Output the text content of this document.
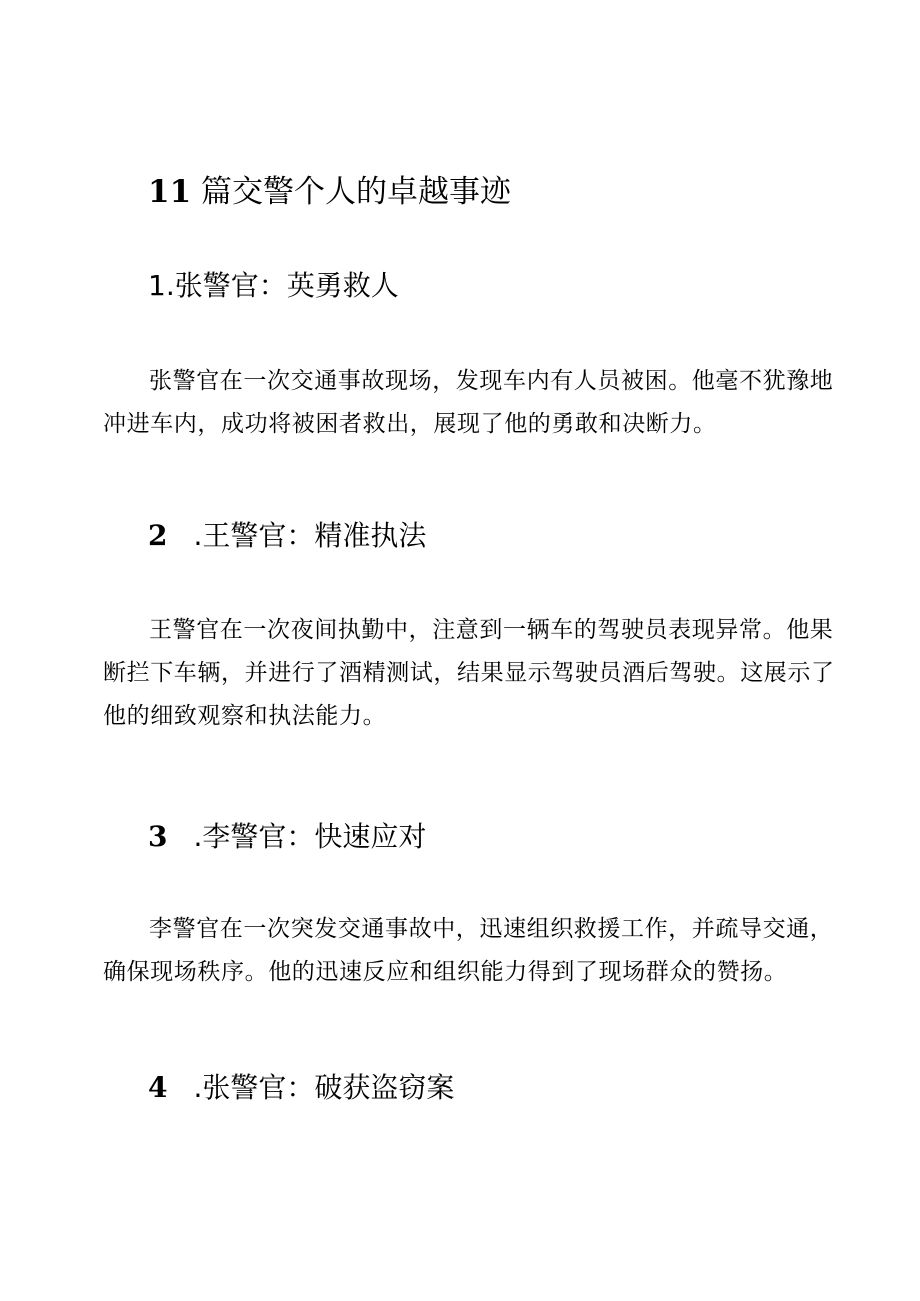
11 篇交警个人的卓越事迹
1.张警官：英勇救人

张警官在一次交通事故现场，发现车内有人员被困。他毫不犹豫地冲进车内，成功将被困者救出，展现了他的勇敢和决断力。

2 .王警官：精准执法

王警官在一次夜间执勤中，注意到一辆车的驾驶员表现异常。他果断拦下车辆，并进行了酒精测试，结果显示驾驶员酒后驾驶。这展示了他的细致观察和执法能力。

3 .李警官：快速应对

李警官在一次突发交通事故中，迅速组织救援工作，并疏导交通，确保现场秩序。他的迅速反应和组织能力得到了现场群众的赞扬。

4 .张警官：破获盗窃案
